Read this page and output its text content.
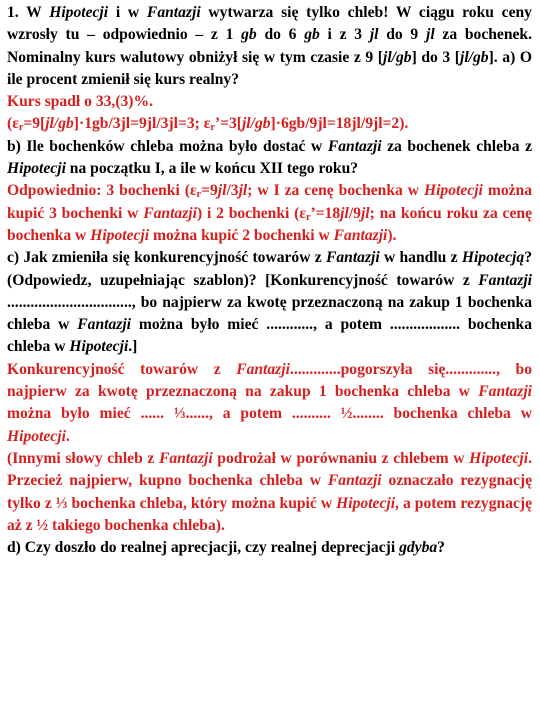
1. W Hipotecji i w Fantazji wytwarza się tylko chleb! W ciągu roku ceny wzrosły tu – odpowiednio – z 1 gb do 6 gb i z 3 jl do 9 jl za bochenek. Nominalny kurs walutowy obniżył się w tym czasie z 9 [jl/gb] do 3 [jl/gb]. a) O ile procent zmienił się kurs realny?

Kurs spadł o 33,(3)%.

($\varepsilon_r=9[jl/gb]\cdot 1gb/3jl=9jl/3jl=3$; $\varepsilon_r’=3[jl/gb]\cdot 6gb/9jl=18jl/9jl=2$).

b) Ile bochenków chleba można było dostać w Fantazji za bochenek chleba z Hipotecji na początku I, a ile w końcu XII tego roku?

Odpowiednio: 3 bochenki ($\varepsilon_r=9jl/3jl$; w I za cenę bochenka w Hipotecji można kupić 3 bochenki w Fantazji) i 2 bochenki ($\varepsilon_r’=18jl/9jl$; na końcu roku za cenę bochenka w Hipotecji można kupić 2 bochenki w Fantazji).

c) Jak zmieniła się konkurencyjność towarów z Fantazji w handlu z Hipotecją? (Odpowiedz, uzupełniając szablon)? [Konkurencyjność towarów z Fantazji ................................, bo najpierw za kwotę przeznaczoną na zakup 1 bochenka chleba w Fantazji można było mieć ............, a potem .................. bochenka chleba w Hipotecji.]

Konkurencyjność towarów z Fantazji.............pogorszyła się............., bo najpierw za kwotę przeznaczoną na zakup 1 bochenka chleba w Fantazji można było mieć ...... ⅓......, a potem .......... ½........ bochenka chleba w Hipotecji.

(Innymi słowy chleb z Fantazji podrożał w porównaniu z chlebem w Hipotecji. Przecież najpierw, kupno bochenka chleba w Fantazji oznaczało rezygnację tylko z ⅓ bochenka chleba, który można kupić w Hipotecji, a potem rezygnację aż z ½ takiego bochenka chleba).

d) Czy doszło do realnej aprecjacji, czy realnej deprecjacji gdyba?
